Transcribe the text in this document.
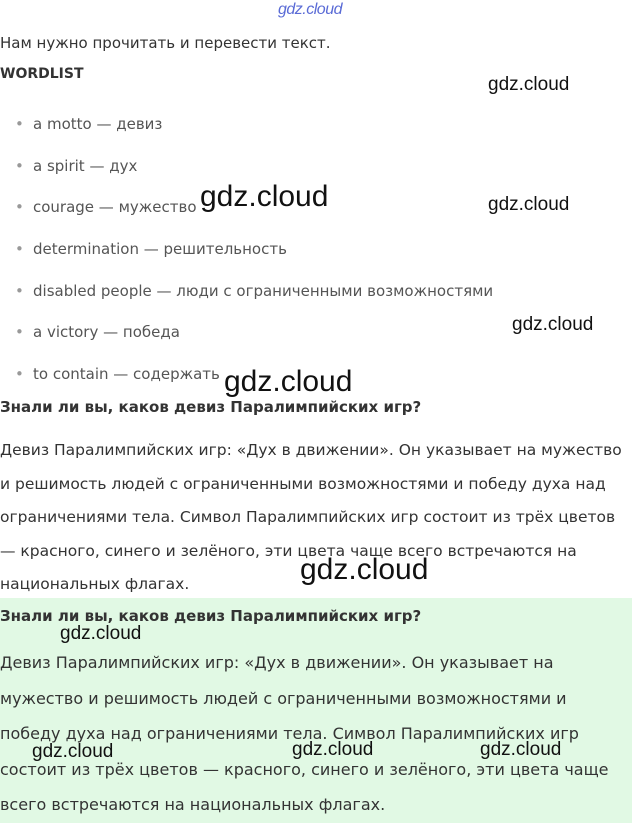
gdz.cloud
Нам нужно прочитать и перевести текст.
WORDLIST
• a motto — девиз
• a spirit — дух
• courage — мужество
• determination — решительность
• disabled people — люди с ограниченными возможностями
• a victory — победа
• to contain — содержать
Знали ли вы, каков девиз Паралимпийских игр?

Девиз Паралимпийских игр: «Дух в движении». Он указывает на мужество и решимость людей с ограниченными возможностями и победу духа над ограничениями тела. Символ Паралимпийских игр состоит из трёх цветов — красного, синего и зелёного, эти цвета чаще всего встречаются на национальных флагах.

Знали ли вы, каков девиз Паралимпийских игр?

Девиз Паралимпийских игр: «Дух в движении». Он указывает на мужество и решимость людей с ограниченными возможностями и победу духа над ограничениями тела. Символ Паралимпийских игр состоит из трёх цветов — красного, синего и зелёного, эти цвета чаще всего встречаются на национальных флагах.

gdz.cloud
gdz.cloud	gdz.cloud
gdz.cloud
gdz.cloud
gdz.cloud
gdz.cloud
gdz.cloud	gdz.cloud	gdz.cloud
